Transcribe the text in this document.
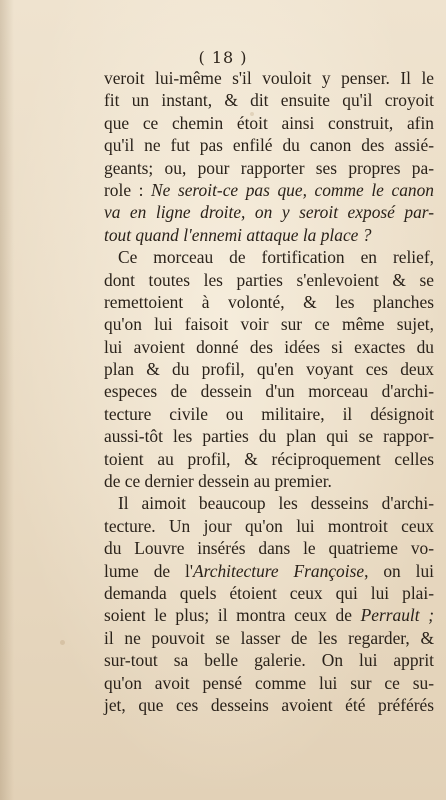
( 18 )
veroit lui-même s'il vouloit y penser. Il le
fit un instant, & dit ensuite qu'il croyoit
que ce chemin étoit ainsi construit, afin
qu'il ne fut pas enfilé du canon des assié-
geants; ou, pour rapporter ses propres pa-
role : Ne seroit-ce pas que, comme le canon
va en ligne droite, on y seroit exposé par-
tout quand l'ennemi attaque la place ?
Ce morceau de fortification en relief,
dont toutes les parties s'enlevoient & se
remettoient à volonté, & les planches
qu'on lui faisoit voir sur ce même sujet,
lui avoient donné des idées si exactes du
plan & du profil, qu'en voyant ces deux
especes de dessein d'un morceau d'archi-
tecture civile ou militaire, il désignoit
aussi-tôt les parties du plan qui se rappor-
toient au profil, & réciproquement celles
de ce dernier dessein au premier.
Il aimoit beaucoup les desseins d'archi-
tecture. Un jour qu'on lui montroit ceux
du Louvre insérés dans le quatrieme vo-
lume de l'Architecture Françoise, on lui
demanda quels étoient ceux qui lui plai-
soient le plus; il montra ceux de Perrault ;
il ne pouvoit se lasser de les regarder, &
sur-tout sa belle galerie. On lui apprit
qu'on avoit pensé comme lui sur ce su-
jet, que ces desseins avoient été préférés
